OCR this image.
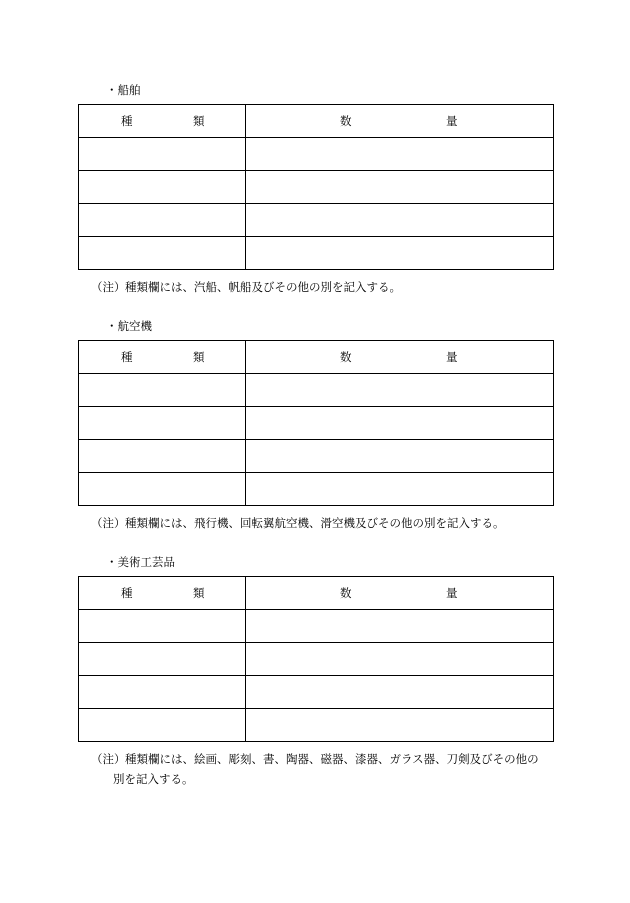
・船舶
種 類	数 量

（注）種類欄には、汽船、帆船及びその他の別を記入する。
・航空機
種 類	数 量

（注）種類欄には、飛行機、回転翼航空機、滑空機及びその他の別を記入する。
・美術工芸品
種 類	数 量

（注）種類欄には、絵画、彫刻、書、陶器、磁器、漆器、ガラス器、刀剣及びその他の
別を記入する。
